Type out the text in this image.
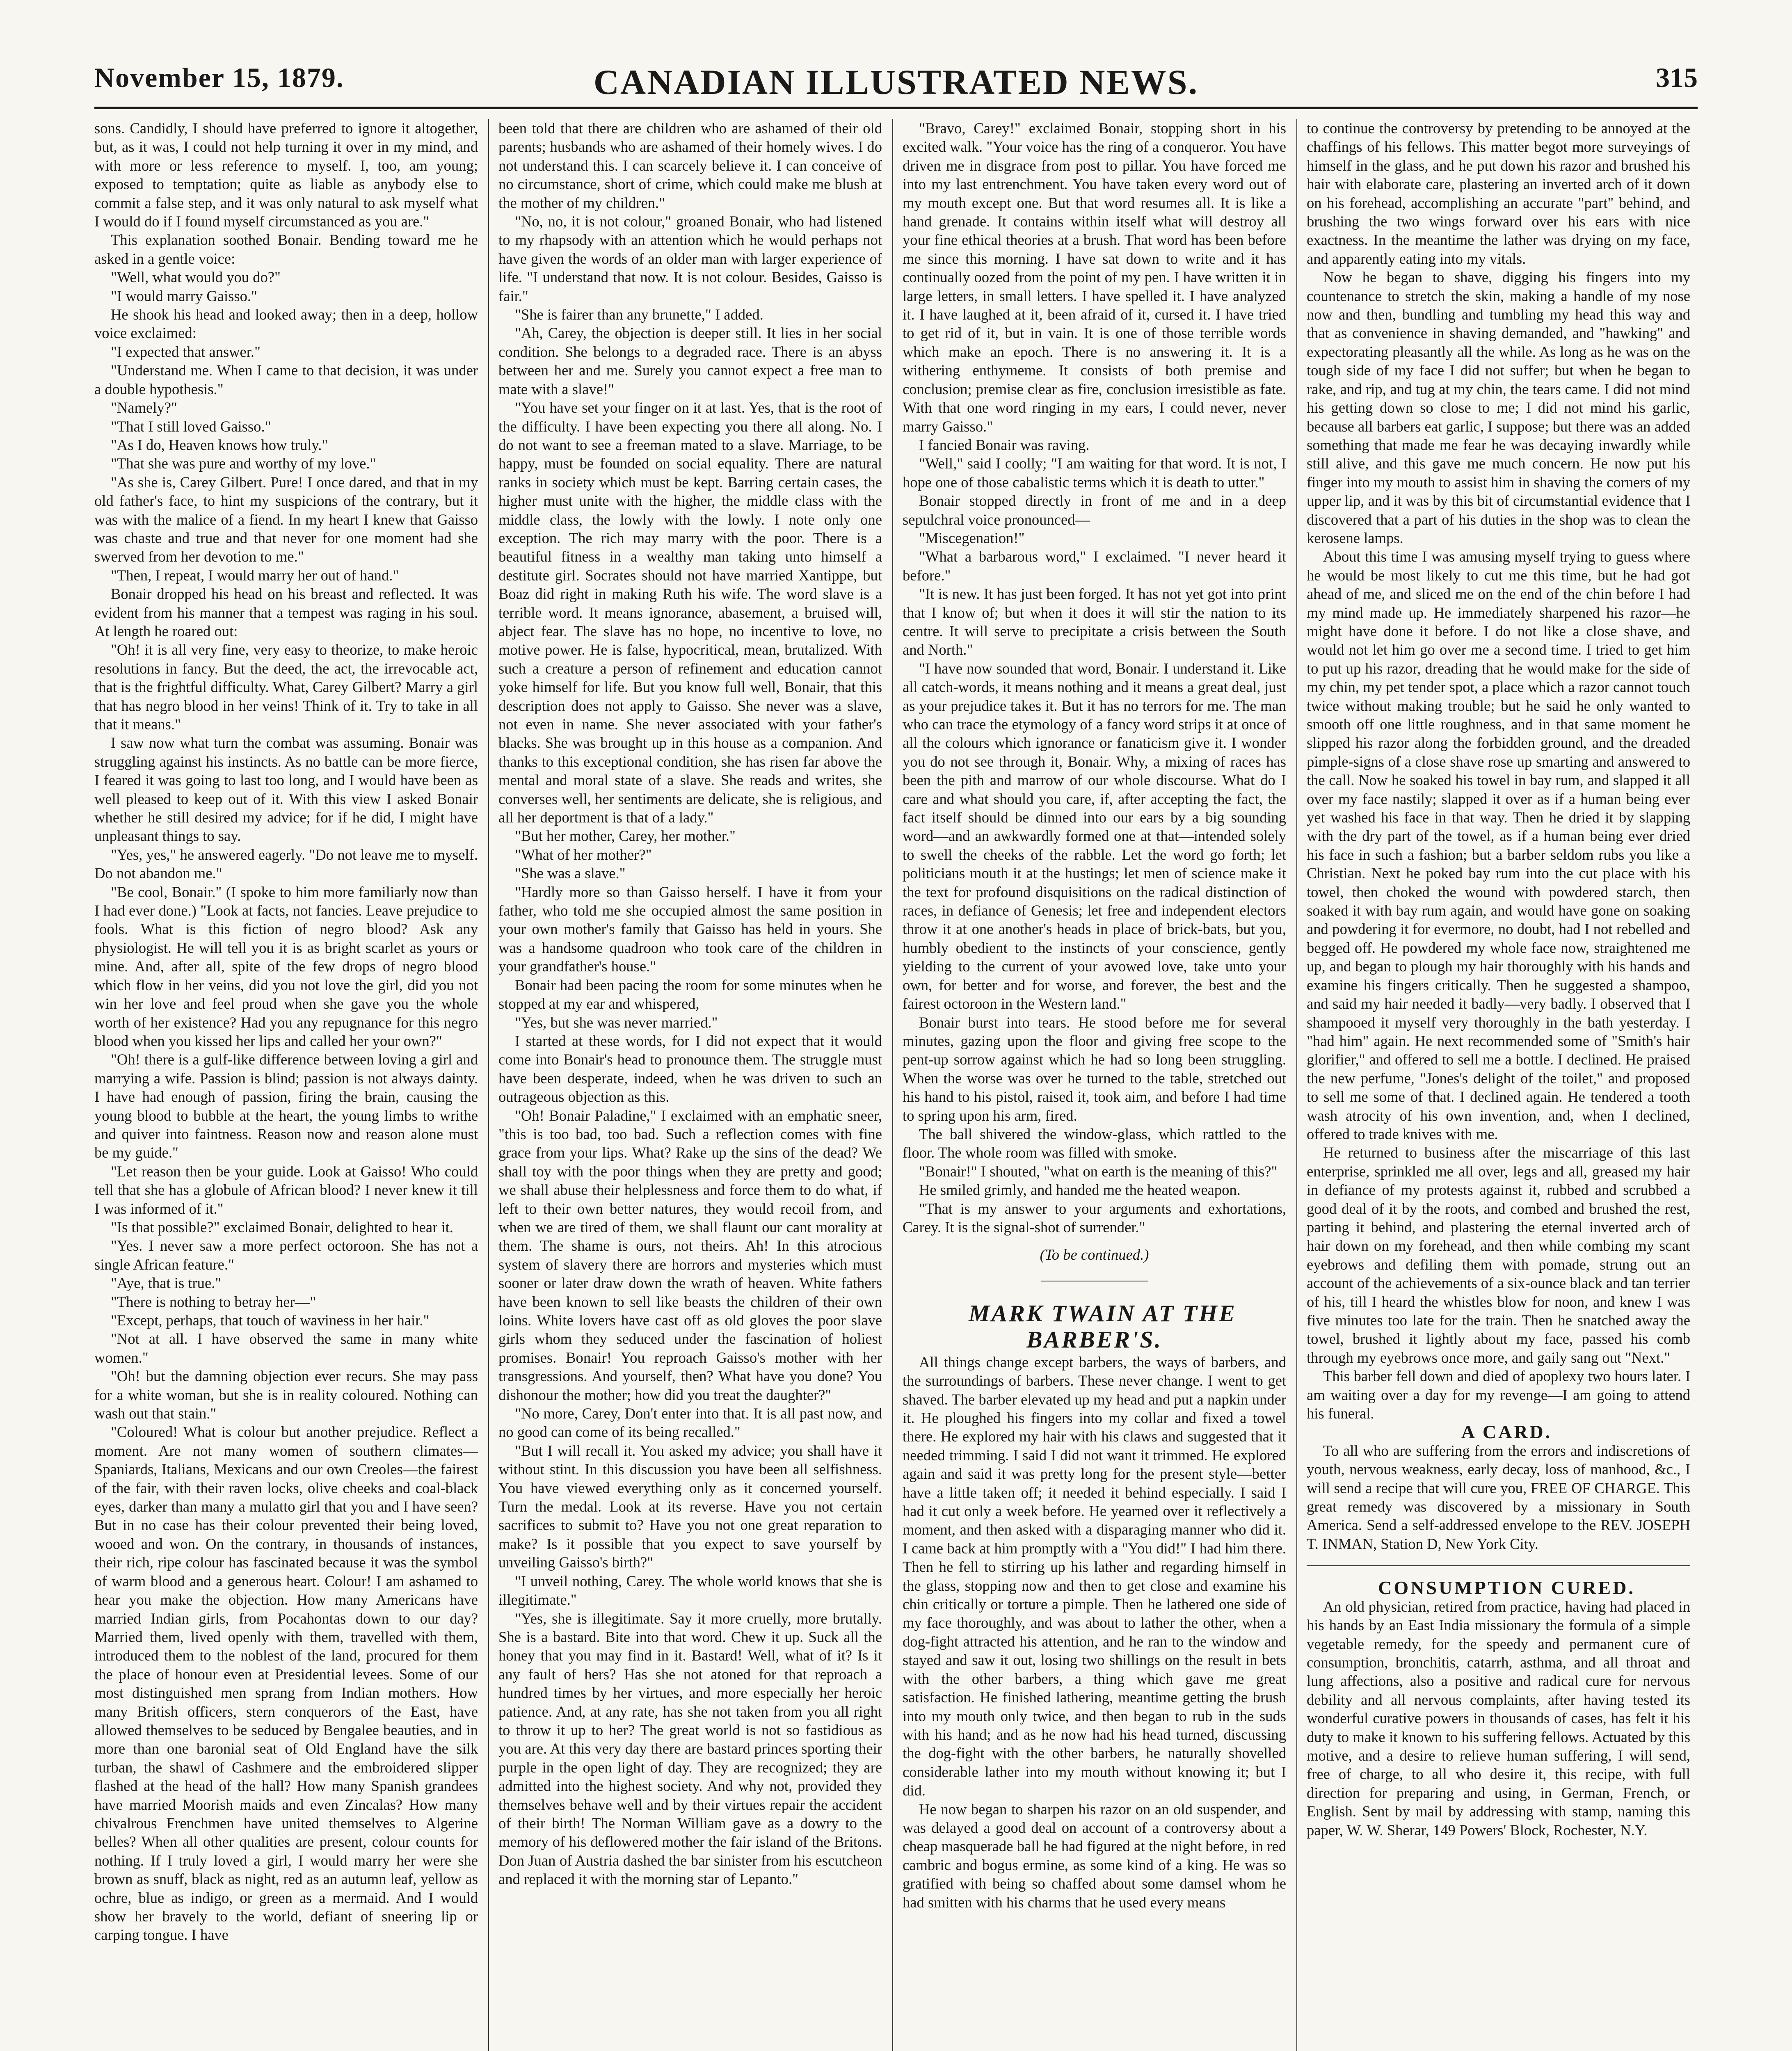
November 15, 1879.	CANADIAN ILLUSTRATED NEWS.	315

sons. Candidly, I should have preferred to ignore it altogether, but, as it was, I could not help turning it over in my mind, and with more or less reference to myself. I, too, am young; exposed to temptation; quite as liable as anybody else to commit a false step, and it was only natural to ask myself what I would do if I found myself circumstanced as you are."

This explanation soothed Bonair. Bending toward me he asked in a gentle voice:

"Well, what would you do?"

"I would marry Gaisso."

He shook his head and looked away; then in a deep, hollow voice exclaimed:

"I expected that answer."

"Understand me. When I came to that decision, it was under a double hypothesis."

"Namely?"

"That I still loved Gaisso."

"As I do, Heaven knows how truly."

"That she was pure and worthy of my love."

"As she is, Carey Gilbert. Pure! I once dared, and that in my old father's face, to hint my suspicions of the contrary, but it was with the malice of a fiend. In my heart I knew that Gaisso was chaste and true and that never for one moment had she swerved from her devotion to me."

"Then, I repeat, I would marry her out of hand."

Bonair dropped his head on his breast and reflected. It was evident from his manner that a tempest was raging in his soul. At length he roared out:

"Oh! it is all very fine, very easy to theorize, to make heroic resolutions in fancy. But the deed, the act, the irrevocable act, that is the frightful difficulty. What, Carey Gilbert? Marry a girl that has negro blood in her veins! Think of it. Try to take in all that it means."

I saw now what turn the combat was assuming. Bonair was struggling against his instincts. As no battle can be more fierce, I feared it was going to last too long, and I would have been as well pleased to keep out of it. With this view I asked Bonair whether he still desired my advice; for if he did, I might have unpleasant things to say.

"Yes, yes," he answered eagerly. "Do not leave me to myself. Do not abandon me."

"Be cool, Bonair." (I spoke to him more familiarly now than I had ever done.) "Look at facts, not fancies. Leave prejudice to fools. What is this fiction of negro blood? Ask any physiologist. He will tell you it is as bright scarlet as yours or mine. And, after all, spite of the few drops of negro blood which flow in her veins, did you not love the girl, did you not win her love and feel proud when she gave you the whole worth of her existence? Had you any repugnance for this negro blood when you kissed her lips and called her your own?"

"Oh! there is a gulf-like difference between loving a girl and marrying a wife. Passion is blind; passion is not always dainty. I have had enough of passion, firing the brain, causing the young blood to bubble at the heart, the young limbs to writhe and quiver into faintness. Reason now and reason alone must be my guide."

"Let reason then be your guide. Look at Gaisso! Who could tell that she has a globule of African blood? I never knew it till I was informed of it."

"Is that possible?" exclaimed Bonair, delighted to hear it.

"Yes. I never saw a more perfect octoroon. She has not a single African feature."

"Aye, that is true."

"There is nothing to betray her—"

"Except, perhaps, that touch of waviness in her hair."

"Not at all. I have observed the same in many white women."

"Oh! but the damning objection ever recurs. She may pass for a white woman, but she is in reality coloured. Nothing can wash out that stain."

"Coloured! What is colour but another prejudice. Reflect a moment. Are not many women of southern climates—Spaniards, Italians, Mexicans and our own Creoles—the fairest of the fair, with their raven locks, olive cheeks and coal-black eyes, darker than many a mulatto girl that you and I have seen? But in no case has their colour prevented their being loved, wooed and won. On the contrary, in thousands of instances, their rich, ripe colour has fascinated because it was the symbol of warm blood and a generous heart. Colour! I am ashamed to hear you make the objection. How many Americans have married Indian girls, from Pocahontas down to our day? Married them, lived openly with them, travelled with them, introduced them to the noblest of the land, procured for them the place of honour even at Presidential levees. Some of our most distinguished men sprang from Indian mothers. How many British officers, stern conquerors of the East, have allowed themselves to be seduced by Bengalee beauties, and in more than one baronial seat of Old England have the silk turban, the shawl of Cashmere and the embroidered slipper flashed at the head of the hall? How many Spanish grandees have married Moorish maids and even Zincalas? How many chivalrous Frenchmen have united themselves to Algerine belles? When all other qualities are present, colour counts for nothing. If I truly loved a girl, I would marry her were she brown as snuff, black as night, red as an autumn leaf, yellow as ochre, blue as indigo, or green as a mermaid. And I would show her bravely to the world, defiant of sneering lip or carping tongue. I have

been told that there are children who are ashamed of their old parents; husbands who are ashamed of their homely wives. I do not understand this. I can scarcely believe it. I can conceive of no circumstance, short of crime, which could make me blush at the mother of my children."

"No, no, it is not colour," groaned Bonair, who had listened to my rhapsody with an attention which he would perhaps not have given the words of an older man with larger experience of life. "I understand that now. It is not colour. Besides, Gaisso is fair."

"She is fairer than any brunette," I added.

"Ah, Carey, the objection is deeper still. It lies in her social condition. She belongs to a degraded race. There is an abyss between her and me. Surely you cannot expect a free man to mate with a slave!"

"You have set your finger on it at last. Yes, that is the root of the difficulty. I have been expecting you there all along. No. I do not want to see a freeman mated to a slave. Marriage, to be happy, must be founded on social equality. There are natural ranks in society which must be kept. Barring certain cases, the higher must unite with the higher, the middle class with the middle class, the lowly with the lowly. I note only one exception. The rich may marry with the poor. There is a beautiful fitness in a wealthy man taking unto himself a destitute girl. Socrates should not have married Xantippe, but Boaz did right in making Ruth his wife. The word slave is a terrible word. It means ignorance, abasement, a bruised will, abject fear. The slave has no hope, no incentive to love, no motive power. He is false, hypocritical, mean, brutalized. With such a creature a person of refinement and education cannot yoke himself for life. But you know full well, Bonair, that this description does not apply to Gaisso. She never was a slave, not even in name. She never associated with your father's blacks. She was brought up in this house as a companion. And thanks to this exceptional condition, she has risen far above the mental and moral state of a slave. She reads and writes, she converses well, her sentiments are delicate, she is religious, and all her deportment is that of a lady."

"But her mother, Carey, her mother."

"What of her mother?"

"She was a slave."

"Hardly more so than Gaisso herself. I have it from your father, who told me she occupied almost the same position in your own mother's family that Gaisso has held in yours. She was a handsome quadroon who took care of the children in your grandfather's house."

Bonair had been pacing the room for some minutes when he stopped at my ear and whispered,

"Yes, but she was never married."

I started at these words, for I did not expect that it would come into Bonair's head to pronounce them. The struggle must have been desperate, indeed, when he was driven to such an outrageous objection as this.

"Oh! Bonair Paladine," I exclaimed with an emphatic sneer, "this is too bad, too bad. Such a reflection comes with fine grace from your lips. What? Rake up the sins of the dead? We shall toy with the poor things when they are pretty and good; we shall abuse their helplessness and force them to do what, if left to their own better natures, they would recoil from, and when we are tired of them, we shall flaunt our cant morality at them. The shame is ours, not theirs. Ah! In this atrocious system of slavery there are horrors and mysteries which must sooner or later draw down the wrath of heaven. White fathers have been known to sell like beasts the children of their own loins. White lovers have cast off as old gloves the poor slave girls whom they seduced under the fascination of holiest promises. Bonair! You reproach Gaisso's mother with her transgressions. And yourself, then? What have you done? You dishonour the mother; how did you treat the daughter?"

"No more, Carey, Don't enter into that. It is all past now, and no good can come of its being recalled."

"But I will recall it. You asked my advice; you shall have it without stint. In this discussion you have been all selfishness. You have viewed everything only as it concerned yourself. Turn the medal. Look at its reverse. Have you not certain sacrifices to submit to? Have you not one great reparation to make? Is it possible that you expect to save yourself by unveiling Gaisso's birth?"

"I unveil nothing, Carey. The whole world knows that she is illegitimate."

"Yes, she is illegitimate. Say it more cruelly, more brutally. She is a bastard. Bite into that word. Chew it up. Suck all the honey that you may find in it. Bastard! Well, what of it? Is it any fault of hers? Has she not atoned for that reproach a hundred times by her virtues, and more especially her heroic patience. And, at any rate, has she not taken from you all right to throw it up to her? The great world is not so fastidious as you are. At this very day there are bastard princes sporting their purple in the open light of day. They are recognized; they are admitted into the highest society. And why not, provided they themselves behave well and by their virtues repair the accident of their birth! The Norman William gave as a dowry to the memory of his deflowered mother the fair island of the Britons. Don Juan of Austria dashed the bar sinister from his escutcheon and replaced it with the morning star of Lepanto."

"Bravo, Carey!" exclaimed Bonair, stopping short in his excited walk. "Your voice has the ring of a conqueror. You have driven me in disgrace from post to pillar. You have forced me into my last entrenchment. You have taken every word out of my mouth except one. But that word resumes all. It is like a hand grenade. It contains within itself what will destroy all your fine ethical theories at a brush. That word has been before me since this morning. I have sat down to write and it has continually oozed from the point of my pen. I have written it in large letters, in small letters. I have spelled it. I have analyzed it. I have laughed at it, been afraid of it, cursed it. I have tried to get rid of it, but in vain. It is one of those terrible words which make an epoch. There is no answering it. It is a withering enthymeme. It consists of both premise and conclusion; premise clear as fire, conclusion irresistible as fate. With that one word ringing in my ears, I could never, never marry Gaisso."

I fancied Bonair was raving.

"Well," said I coolly; "I am waiting for that word. It is not, I hope one of those cabalistic terms which it is death to utter."

Bonair stopped directly in front of me and in a deep sepulchral voice pronounced—

"Miscegenation!"

"What a barbarous word," I exclaimed. "I never heard it before."

"It is new. It has just been forged. It has not yet got into print that I know of; but when it does it will stir the nation to its centre. It will serve to precipitate a crisis between the South and North."

"I have now sounded that word, Bonair. I understand it. Like all catch-words, it means nothing and it means a great deal, just as your prejudice takes it. But it has no terrors for me. The man who can trace the etymology of a fancy word strips it at once of all the colours which ignorance or fanaticism give it. I wonder you do not see through it, Bonair. Why, a mixing of races has been the pith and marrow of our whole discourse. What do I care and what should you care, if, after accepting the fact, the fact itself should be dinned into our ears by a big sounding word—and an awkwardly formed one at that—intended solely to swell the cheeks of the rabble. Let the word go forth; let politicians mouth it at the hustings; let men of science make it the text for profound disquisitions on the radical distinction of races, in defiance of Genesis; let free and independent electors throw it at one another's heads in place of brick-bats, but you, humbly obedient to the instincts of your conscience, gently yielding to the current of your avowed love, take unto your own, for better and for worse, and forever, the best and the fairest octoroon in the Western land."

Bonair burst into tears. He stood before me for several minutes, gazing upon the floor and giving free scope to the pent-up sorrow against which he had so long been struggling. When the worse was over he turned to the table, stretched out his hand to his pistol, raised it, took aim, and before I had time to spring upon his arm, fired.

The ball shivered the window-glass, which rattled to the floor. The whole room was filled with smoke.

"Bonair!" I shouted, "what on earth is the meaning of this?"

He smiled grimly, and handed me the heated weapon.

"That is my answer to your arguments and exhortations, Carey. It is the signal-shot of surrender."

(To be continued.)

MARK TWAIN AT THE BARBER'S.

All things change except barbers, the ways of barbers, and the surroundings of barbers. These never change. I went to get shaved. The barber elevated up my head and put a napkin under it. He ploughed his fingers into my collar and fixed a towel there. He explored my hair with his claws and suggested that it needed trimming. I said I did not want it trimmed. He explored again and said it was pretty long for the present style—better have a little taken off; it needed it behind especially. I said I had it cut only a week before. He yearned over it reflectively a moment, and then asked with a disparaging manner who did it. I came back at him promptly with a "You did!" I had him there. Then he fell to stirring up his lather and regarding himself in the glass, stopping now and then to get close and examine his chin critically or torture a pimple. Then he lathered one side of my face thoroughly, and was about to lather the other, when a dog-fight attracted his attention, and he ran to the window and stayed and saw it out, losing two shillings on the result in bets with the other barbers, a thing which gave me great satisfaction. He finished lathering, meantime getting the brush into my mouth only twice, and then began to rub in the suds with his hand; and as he now had his head turned, discussing the dog-fight with the other barbers, he naturally shovelled considerable lather into my mouth without knowing it; but I did.

He now began to sharpen his razor on an old suspender, and was delayed a good deal on account of a controversy about a cheap masquerade ball he had figured at the night before, in red cambric and bogus ermine, as some kind of a king. He was so gratified with being so chaffed about some damsel whom he had smitten with his charms that he used every means

to continue the controversy by pretending to be annoyed at the chaffings of his fellows. This matter begot more surveyings of himself in the glass, and he put down his razor and brushed his hair with elaborate care, plastering an inverted arch of it down on his forehead, accomplishing an accurate "part" behind, and brushing the two wings forward over his ears with nice exactness. In the meantime the lather was drying on my face, and apparently eating into my vitals.

Now he began to shave, digging his fingers into my countenance to stretch the skin, making a handle of my nose now and then, bundling and tumbling my head this way and that as convenience in shaving demanded, and "hawking" and expectorating pleasantly all the while. As long as he was on the tough side of my face I did not suffer; but when he began to rake, and rip, and tug at my chin, the tears came. I did not mind his getting down so close to me; I did not mind his garlic, because all barbers eat garlic, I suppose; but there was an added something that made me fear he was decaying inwardly while still alive, and this gave me much concern. He now put his finger into my mouth to assist him in shaving the corners of my upper lip, and it was by this bit of circumstantial evidence that I discovered that a part of his duties in the shop was to clean the kerosene lamps.

About this time I was amusing myself trying to guess where he would be most likely to cut me this time, but he had got ahead of me, and sliced me on the end of the chin before I had my mind made up. He immediately sharpened his razor—he might have done it before. I do not like a close shave, and would not let him go over me a second time. I tried to get him to put up his razor, dreading that he would make for the side of my chin, my pet tender spot, a place which a razor cannot touch twice without making trouble; but he said he only wanted to smooth off one little roughness, and in that same moment he slipped his razor along the forbidden ground, and the dreaded pimple-signs of a close shave rose up smarting and answered to the call. Now he soaked his towel in bay rum, and slapped it all over my face nastily; slapped it over as if a human being ever yet washed his face in that way. Then he dried it by slapping with the dry part of the towel, as if a human being ever dried his face in such a fashion; but a barber seldom rubs you like a Christian. Next he poked bay rum into the cut place with his towel, then choked the wound with powdered starch, then soaked it with bay rum again, and would have gone on soaking and powdering it for evermore, no doubt, had I not rebelled and begged off. He powdered my whole face now, straightened me up, and began to plough my hair thoroughly with his hands and examine his fingers critically. Then he suggested a shampoo, and said my hair needed it badly—very badly. I observed that I shampooed it myself very thoroughly in the bath yesterday. I "had him" again. He next recommended some of "Smith's hair glorifier," and offered to sell me a bottle. I declined. He praised the new perfume, "Jones's delight of the toilet," and proposed to sell me some of that. I declined again. He tendered a tooth wash atrocity of his own invention, and, when I declined, offered to trade knives with me.

He returned to business after the miscarriage of this last enterprise, sprinkled me all over, legs and all, greased my hair in defiance of my protests against it, rubbed and scrubbed a good deal of it by the roots, and combed and brushed the rest, parting it behind, and plastering the eternal inverted arch of hair down on my forehead, and then while combing my scant eyebrows and defiling them with pomade, strung out an account of the achievements of a six-ounce black and tan terrier of his, till I heard the whistles blow for noon, and knew I was five minutes too late for the train. Then he snatched away the towel, brushed it lightly about my face, passed his comb through my eyebrows once more, and gaily sang out "Next."

This barber fell down and died of apoplexy two hours later. I am waiting over a day for my revenge—I am going to attend his funeral.

A CARD.

To all who are suffering from the errors and indiscretions of youth, nervous weakness, early decay, loss of manhood, &c., I will send a recipe that will cure you, FREE OF CHARGE. This great remedy was discovered by a missionary in South America. Send a self-addressed envelope to the REV. JOSEPH T. INMAN, Station D, New York City.

CONSUMPTION CURED.

An old physician, retired from practice, having had placed in his hands by an East India missionary the formula of a simple vegetable remedy, for the speedy and permanent cure of consumption, bronchitis, catarrh, asthma, and all throat and lung affections, also a positive and radical cure for nervous debility and all nervous complaints, after having tested its wonderful curative powers in thousands of cases, has felt it his duty to make it known to his suffering fellows. Actuated by this motive, and a desire to relieve human suffering, I will send, free of charge, to all who desire it, this recipe, with full direction for preparing and using, in German, French, or English. Sent by mail by addressing with stamp, naming this paper, W. W. Sherar, 149 Powers' Block, Rochester, N.Y.
